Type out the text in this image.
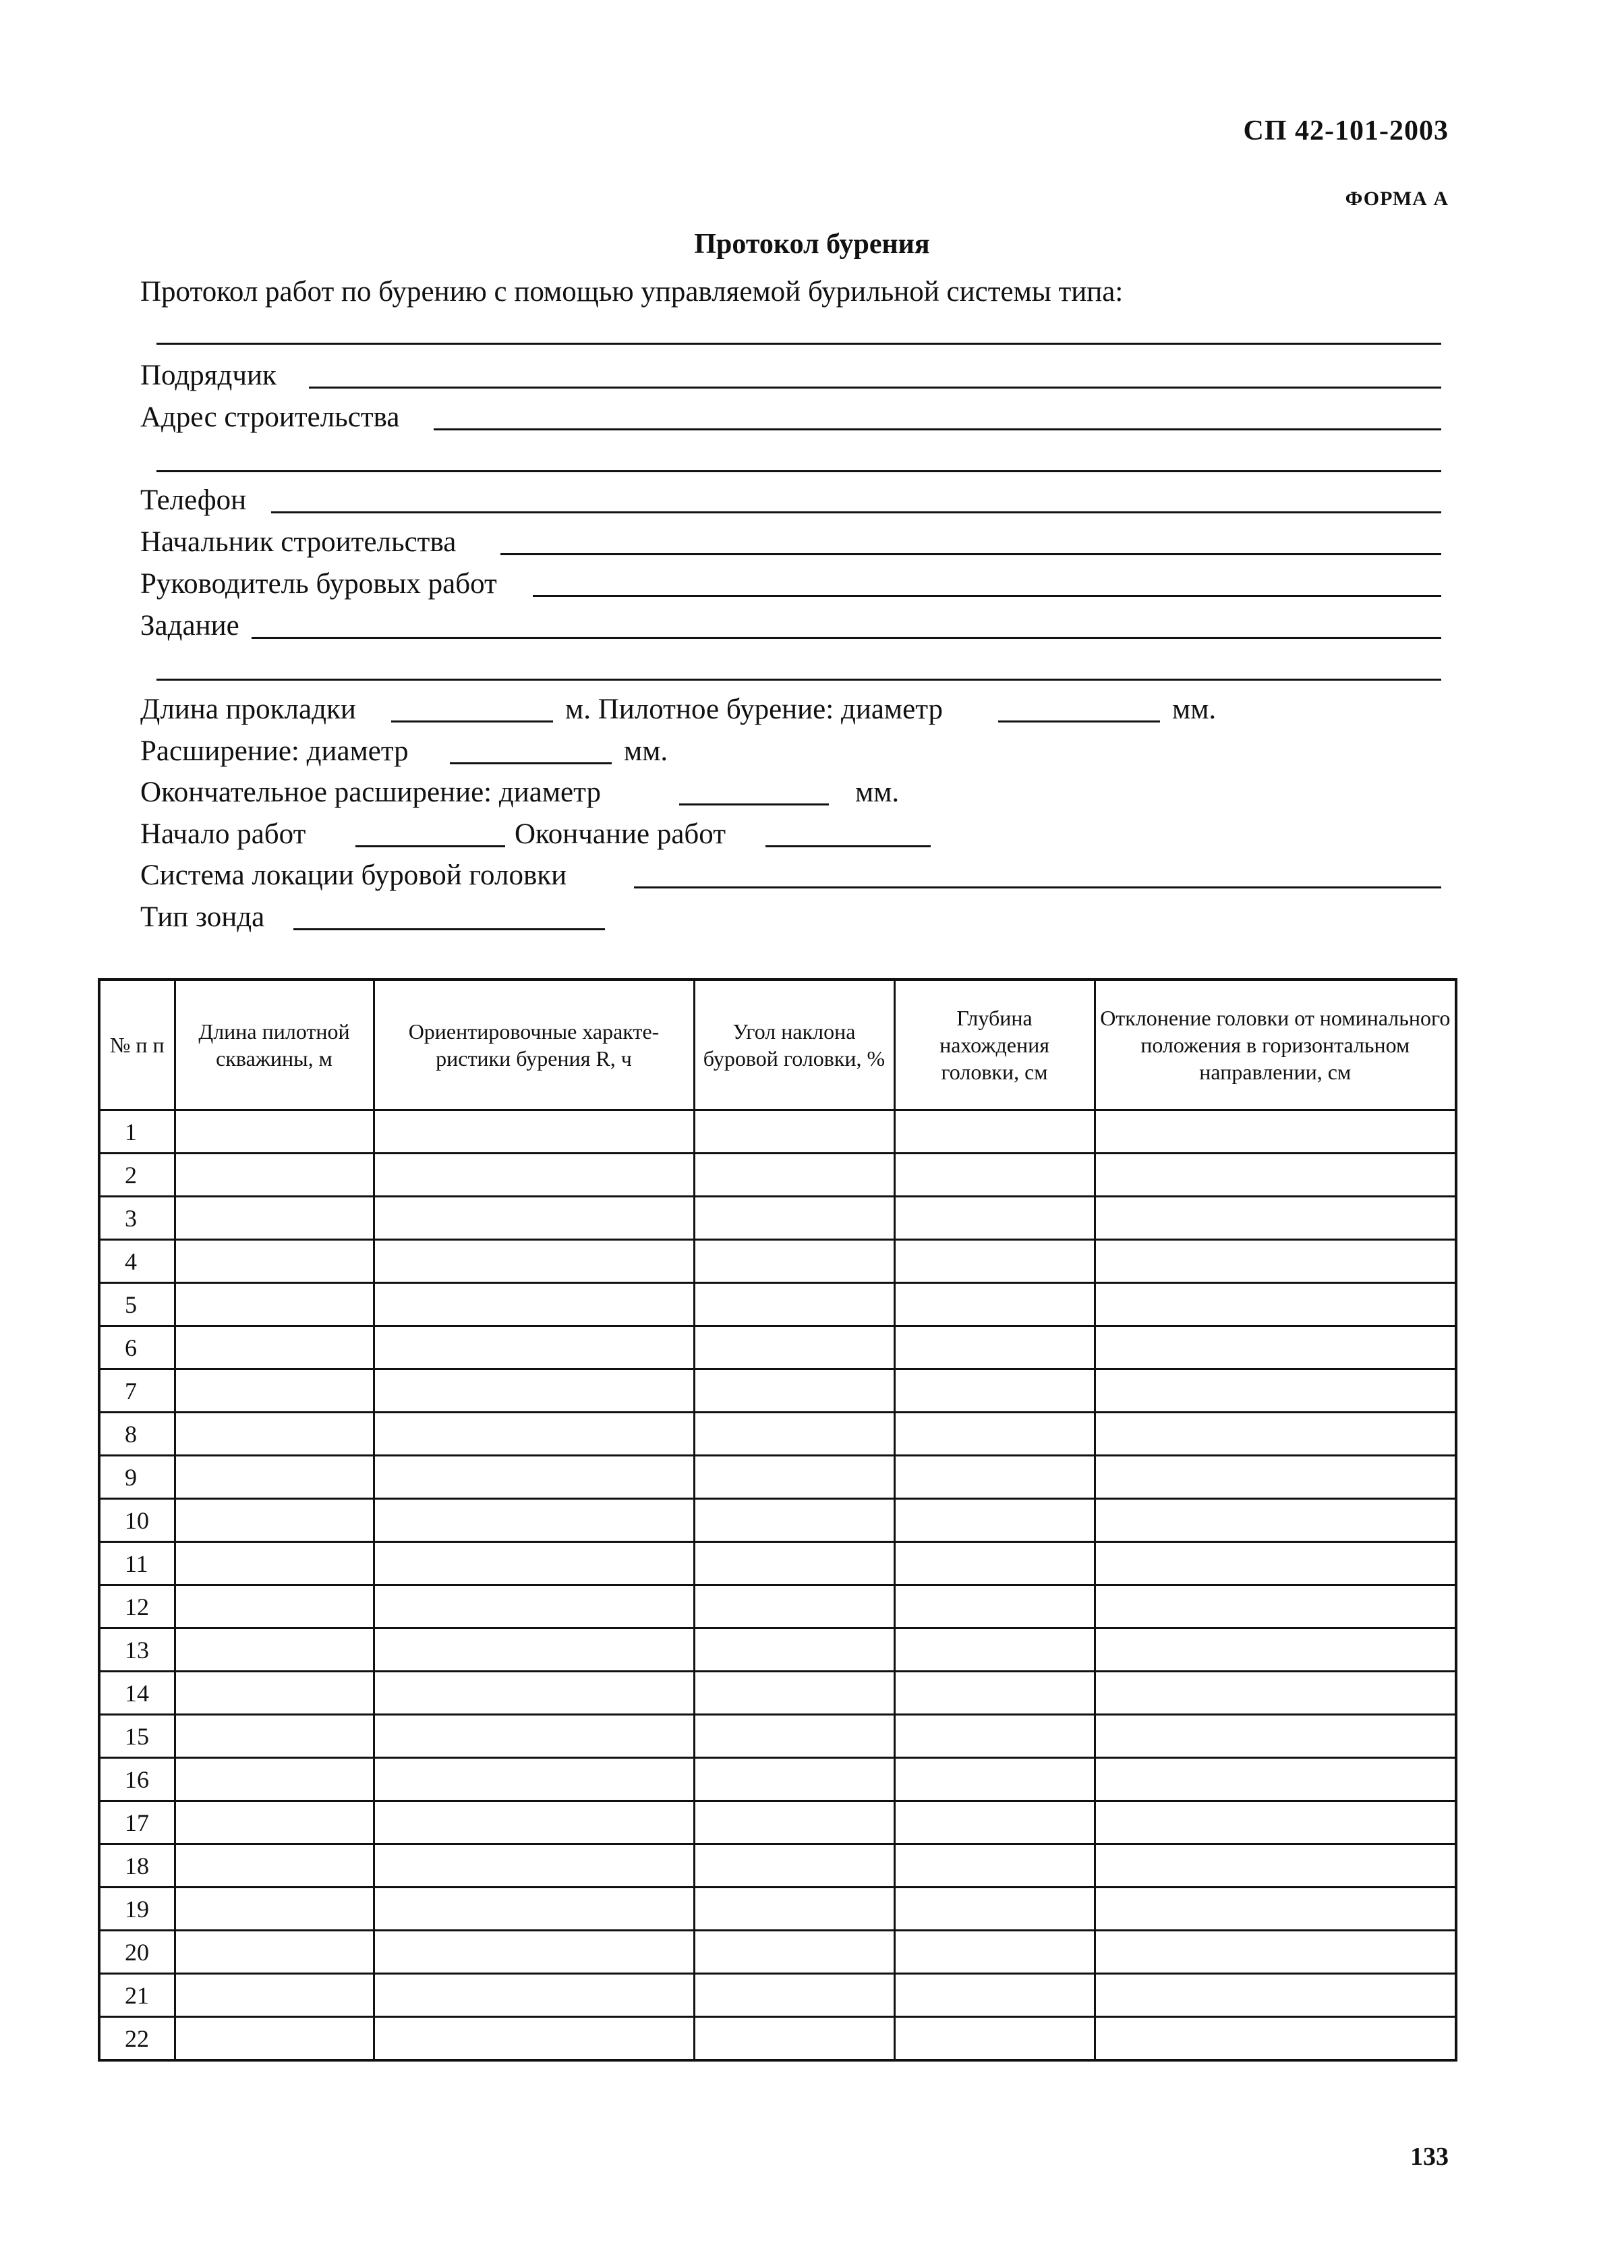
СП 42-101-2003
ФОРМА А
Протокол бурения
Протокол работ по бурению с помощью управляемой бурильной системы типа:
Подрядчик
Адрес строительства
Телефон
Начальник строительства
Руководитель буровых работ
Задание
Длина прокладки	м. Пилотное бурение: диаметр	мм.
Расширение: диаметр	мм.
Окончательное расширение: диаметр	мм.
Начало работ	Окончание работ
Система локации буровой головки
Тип зонда
№ п п	Длина пилотной скважины, м	Ориентировочные характе- ристики бурения R, ч	Угол наклона буровой головки, %	Глубина нахождения головки, см	Отклонение головки от номинального положения в горизонтальном направлении, см
1					
2					
3					
4					
5					
6					
7					
8					
9					
10					
11					
12					
13					
14					
15					
16					
17					
18					
19					
20					
21					
22					
133
